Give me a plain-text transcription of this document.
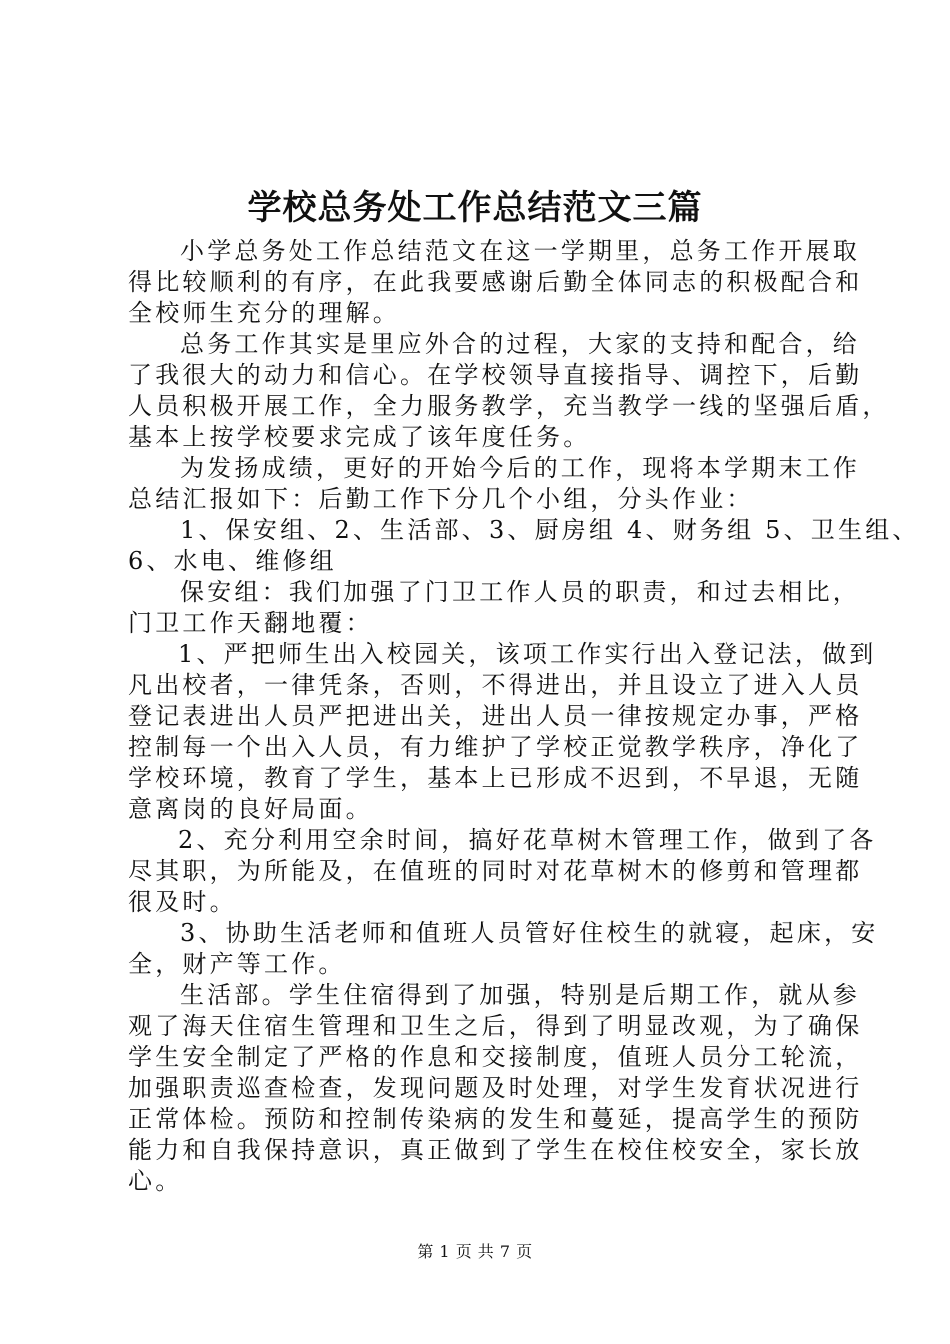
学校总务处工作总结范文三篇
小学总务处工作总结范文在这一学期里，总务工作开展取
得比较顺利的有序，在此我要感谢后勤全体同志的积极配合和
全校师生充分的理解。
总务工作其实是里应外合的过程，大家的支持和配合，给
了我很大的动力和信心。在学校领导直接指导、调控下，后勤
人员积极开展工作，全力服务教学，充当教学一线的坚强后盾，
基本上按学校要求完成了该年度任务。
为发扬成绩，更好的开始今后的工作，现将本学期末工作
总结汇报如下：后勤工作下分几个小组，分头作业：
1、保安组、2、生活部、3、厨房组 4、财务组 5、卫生组、
6、水电、维修组
保安组：我们加强了门卫工作人员的职责，和过去相比，
门卫工作天翻地覆：
1、严把师生出入校园关，该项工作实行出入登记法，做到
凡出校者，一律凭条，否则，不得进出，并且设立了进入人员
登记表进出人员严把进出关，进出人员一律按规定办事，严格
控制每一个出入人员，有力维护了学校正觉教学秩序，净化了
学校环境，教育了学生，基本上已形成不迟到，不早退，无随
意离岗的良好局面。
2、充分利用空余时间，搞好花草树木管理工作，做到了各
尽其职，为所能及，在值班的同时对花草树木的修剪和管理都
很及时。
3、协助生活老师和值班人员管好住校生的就寝，起床，安
全，财产等工作。
生活部。学生住宿得到了加强，特别是后期工作，就从参
观了海天住宿生管理和卫生之后，得到了明显改观，为了确保
学生安全制定了严格的作息和交接制度，值班人员分工轮流，
加强职责巡查检查，发现问题及时处理，对学生发育状况进行
正常体检。预防和控制传染病的发生和蔓延，提高学生的预防
能力和自我保持意识，真正做到了学生在校住校安全，家长放
心。
第 1 页 共 7 页
